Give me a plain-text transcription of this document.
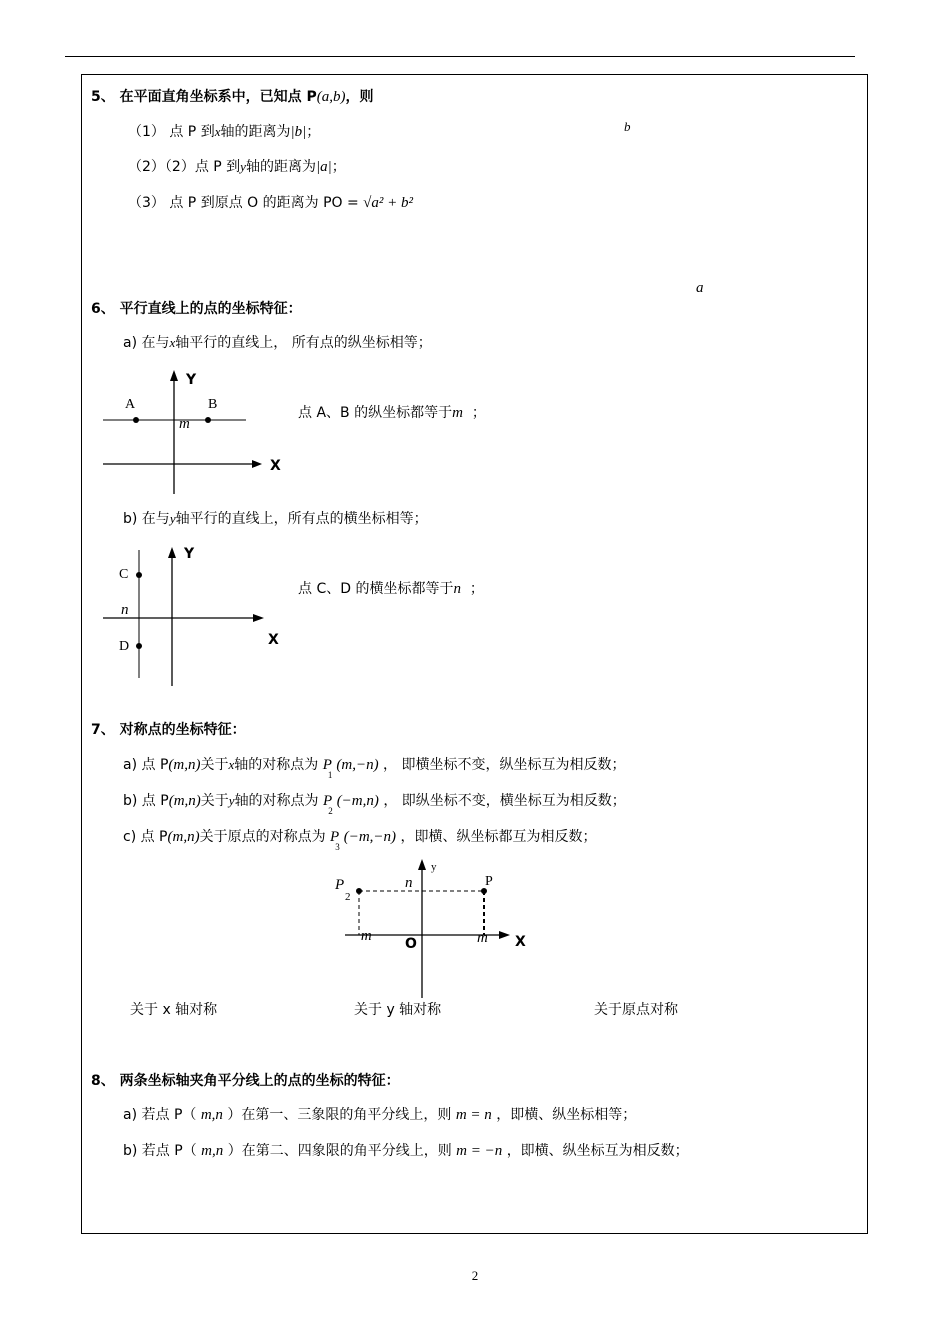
5、 在平面直角坐标系中，已知点 P(a,b)，则
（1） 点 P 到x轴的距离为|b|；	b
（2）（2）点 P 到y轴的距离为|a|；
（3） 点 P 到原点 O 的距离为 PO = √a² + b²
a
6、 平行直线上的点的坐标特征：
a) 在与x轴平行的直线上， 所有点的纵坐标相等；
Y
X
A	B
m
点 A、B 的纵坐标都等于m ；
b) 在与y轴平行的直线上，所有点的横坐标相等；
Y
X
C
D
n
点 C、D 的横坐标都等于n ；
7、 对称点的坐标特征：
a) 点 P(m,n)关于x轴的对称点为 $P_1(m,-n)$ ， 即横坐标不变，纵坐标互为相反数；
b) 点 P(m,n)关于y轴的对称点为 $P_2(-m,n)$ ， 即纵坐标不变，横坐标互为相反数；
c) 点 P(m,n)关于原点的对称点为 $P_3(-m,-n)$ ，即横、纵坐标都互为相反数；
P
2
n
y
P
− m O	m X
关于 x 轴对称	关于 y 轴对称	关于原点对称
8、 两条坐标轴夹角平分线上的点的坐标的特征：
a) 若点 P（ m,n ）在第一、三象限的角平分线上，则 m = n ，即横、纵坐标相等；
b) 若点 P（ m,n ）在第二、四象限的角平分线上，则 m = −n ，即横、纵坐标互为相反数；
2
